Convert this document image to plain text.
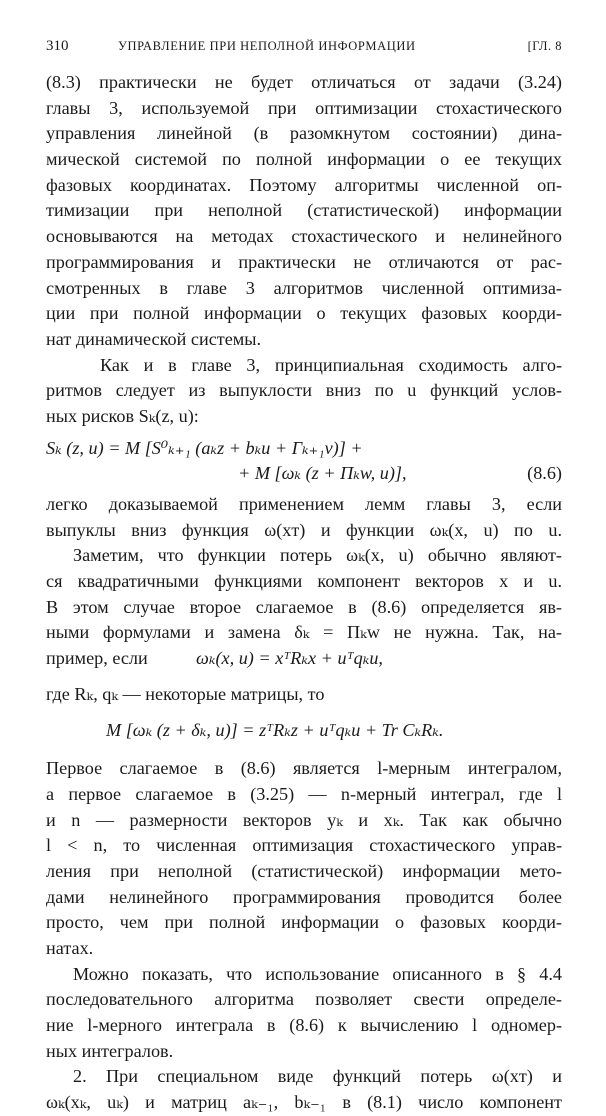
310	УПРАВЛЕНИЕ ПРИ НЕПОЛНОЙ ИНФОРМАЦИИ	[ГЛ. 8
(8.3) практически не будет отличаться от задачи (3.24)
главы 3, используемой при оптимизации стохастического
управления линейной (в разомкнутом состоянии) дина-
мической системой по полной информации о ее текущих
фазовых координатах. Поэтому алгоритмы численной оп-
тимизации при неполной (статистической) информации
основываются на методах стохастического и нелинейного
программирования и практически не отличаются от рас-
смотренных в главе 3 алгоритмов численной оптимиза-
ции при полной информации о текущих фазовых коорди-
нат динамической системы.
Как и в главе 3, принципиальная сходимость алго-
ритмов следует из выпуклости вниз по u функций услов-
ных рисков Sₖ(z, u):
Sₖ (z, u) = M [S⁰ₖ₊₁ (aₖz + bₖu + Γₖ₊₁v)] +
+ M [ωₖ (z + Πₖw, u)],	(8.6)
легко доказываемой применением лемм главы 3, если
выпуклы вниз функция ω(xᴛ) и функции ωₖ(x, u) по u.
Заметим, что функции потерь ωₖ(x, u) обычно являют-
ся квадратичными функциями компонент векторов x и u.
В этом случае второе слагаемое в (8.6) определяется яв-
ными формулами и замена δₖ = Πₖw не нужна. Так, на-
пример, если	ωₖ(x, u) = xᵀRₖx + uᵀqₖu,
где Rₖ, qₖ — некоторые матрицы, то
M [ωₖ (z + δₖ, u)] = zᵀRₖz + uᵀqₖu + Tr CₖRₖ.
Первое слагаемое в (8.6) является l-мерным интегралом,
а первое слагаемое в (3.25) — n-мерный интеграл, где l
и n — размерности векторов yₖ и xₖ. Так как обычно
l < n, то численная оптимизация стохастического управ-
ления при неполной (статистической) информации мето-
дами нелинейного программирования проводится более
просто, чем при полной информации о фазовых коорди-
натах.
Можно показать, что использование описанного в § 4.4
последовательного алгоритма позволяет свести определе-
ние l-мерного интеграла в (8.6) к вычислению l одномер-
ных интегралов.
2. При специальном виде функций потерь ω(xᴛ) и
ωₖ(xₖ, uₖ) и матриц aₖ₋₁, bₖ₋₁ в (8.1) число компонент
